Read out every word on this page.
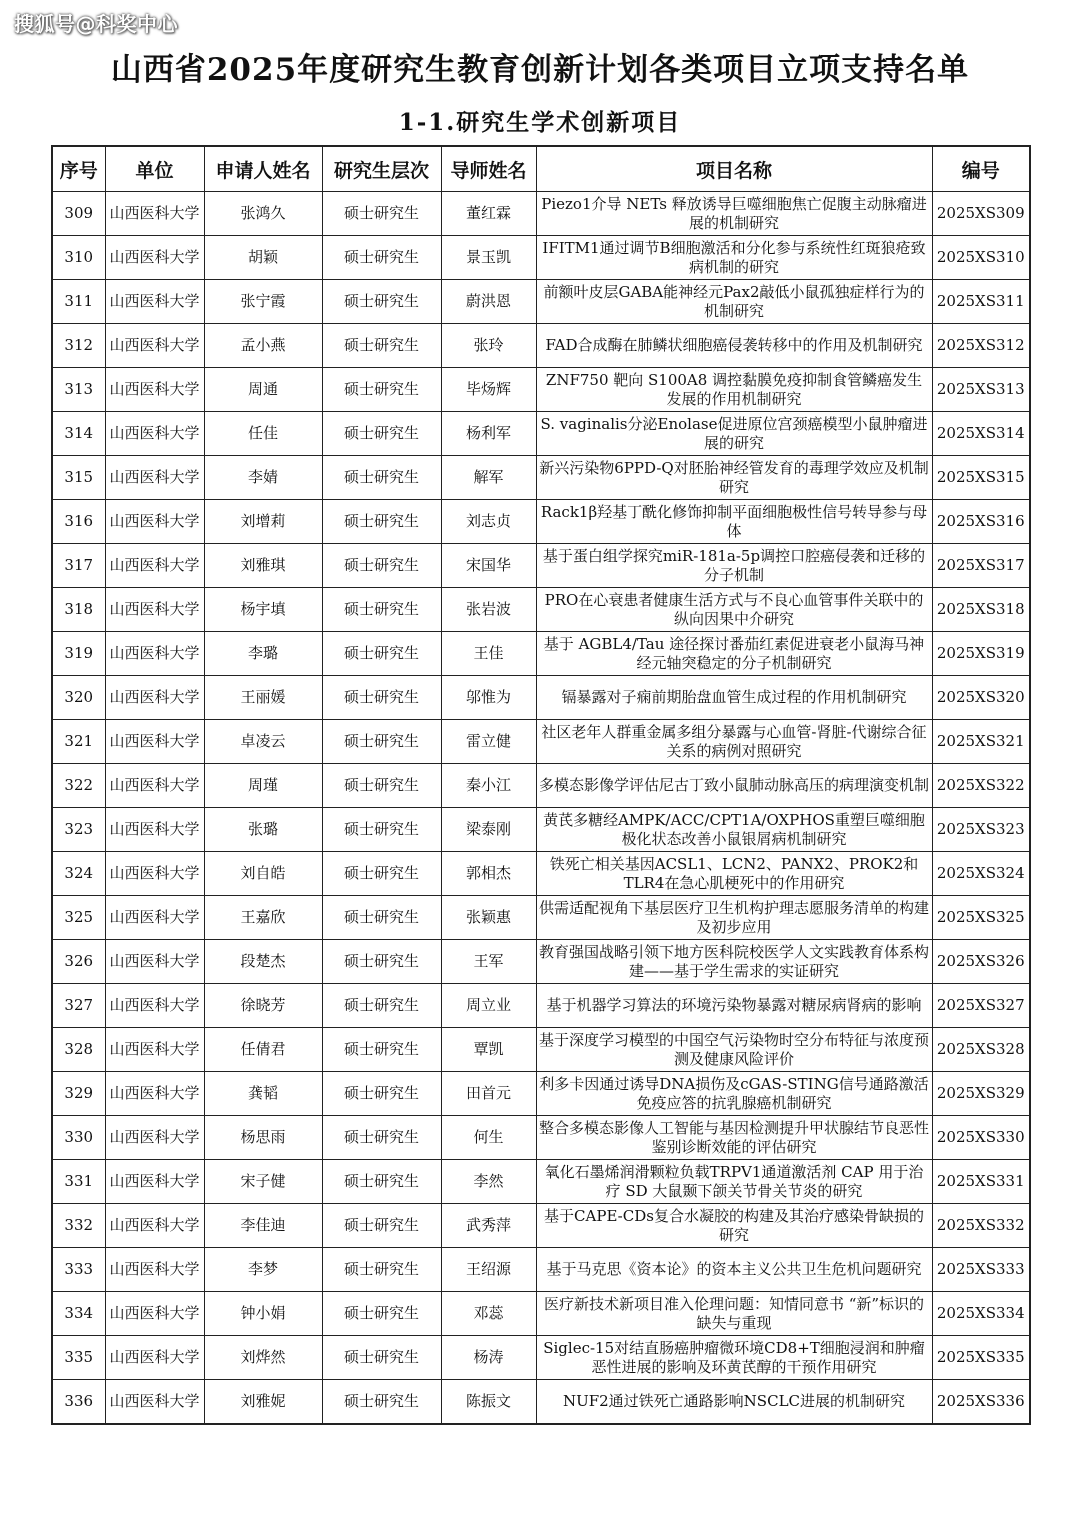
搜狐号@科奖中心
山西省2025年度研究生教育创新计划各类项目立项支持名单
1-1.研究生学术创新项目
序号	单位	申请人姓名	研究生层次	导师姓名	项目名称	编号
309	山西医科大学	张鸿久	硕士研究生	董红霖	Piezo1介导 NETs 释放诱导巨噬细胞焦亡促腹主动脉瘤进展的机制研究	2025XS309
310	山西医科大学	胡颖	硕士研究生	景玉凯	IFITM1通过调节B细胞激活和分化参与系统性红斑狼疮致病机制的研究	2025XS310
311	山西医科大学	张宁霞	硕士研究生	蔚洪恩	前额叶皮层GABA能神经元Pax2敲低小鼠孤独症样行为的机制研究	2025XS311
312	山西医科大学	孟小燕	硕士研究生	张玲	FAD合成酶在肺鳞状细胞癌侵袭转移中的作用及机制研究	2025XS312
313	山西医科大学	周通	硕士研究生	毕炀辉	ZNF750 靶向 S100A8 调控黏膜免疫抑制食管鳞癌发生发展的作用机制研究	2025XS313
314	山西医科大学	任佳	硕士研究生	杨利军	S. vaginalis分泌Enolase促进原位宫颈癌模型小鼠肿瘤进展的研究	2025XS314
315	山西医科大学	李婧	硕士研究生	解军	新兴污染物6PPD-Q对胚胎神经管发育的毒理学效应及机制研究	2025XS315
316	山西医科大学	刘增莉	硕士研究生	刘志贞	Rack1β羟基丁酰化修饰抑制平面细胞极性信号转导参与母体	2025XS316
317	山西医科大学	刘雅琪	硕士研究生	宋国华	基于蛋白组学探究miR-181a-5p调控口腔癌侵袭和迁移的分子机制	2025XS317
318	山西医科大学	杨宇填	硕士研究生	张岩波	PRO在心衰患者健康生活方式与不良心血管事件关联中的纵向因果中介研究	2025XS318
319	山西医科大学	李璐	硕士研究生	王佳	基于 AGBL4/Tau 途径探讨番茄红素促进衰老小鼠海马神经元轴突稳定的分子机制研究	2025XS319
320	山西医科大学	王丽媛	硕士研究生	邬惟为	镉暴露对子痫前期胎盘血管生成过程的作用机制研究	2025XS320
321	山西医科大学	卓凌云	硕士研究生	雷立健	社区老年人群重金属多组分暴露与心血管-肾脏-代谢综合征关系的病例对照研究	2025XS321
322	山西医科大学	周瑾	硕士研究生	秦小江	多模态影像学评估尼古丁致小鼠肺动脉高压的病理演变机制	2025XS322
323	山西医科大学	张璐	硕士研究生	梁泰刚	黄芪多糖经AMPK/ACC/CPT1A/OXPHOS重塑巨噬细胞极化状态改善小鼠银屑病机制研究	2025XS323
324	山西医科大学	刘自皓	硕士研究生	郭相杰	铁死亡相关基因ACSL1、LCN2、PANX2、PROK2和TLR4在急心肌梗死中的作用研究	2025XS324
325	山西医科大学	王嘉欣	硕士研究生	张颖惠	供需适配视角下基层医疗卫生机构护理志愿服务清单的构建及初步应用	2025XS325
326	山西医科大学	段楚杰	硕士研究生	王军	教育强国战略引领下地方医科院校医学人文实践教育体系构建——基于学生需求的实证研究	2025XS326
327	山西医科大学	徐晓芳	硕士研究生	周立业	基于机器学习算法的环境污染物暴露对糖尿病肾病的影响	2025XS327
328	山西医科大学	任倩君	硕士研究生	覃凯	基于深度学习模型的中国空气污染物时空分布特征与浓度预测及健康风险评价	2025XS328
329	山西医科大学	龚韬	硕士研究生	田首元	利多卡因通过诱导DNA损伤及cGAS-STING信号通路激活免疫应答的抗乳腺癌机制研究	2025XS329
330	山西医科大学	杨思雨	硕士研究生	何生	整合多模态影像人工智能与基因检测提升甲状腺结节良恶性鉴别诊断效能的评估研究	2025XS330
331	山西医科大学	宋子健	硕士研究生	李然	氧化石墨烯润滑颗粒负载TRPV1通道激活剂 CAP 用于治疗 SD 大鼠颞下颌关节骨关节炎的研究	2025XS331
332	山西医科大学	李佳迪	硕士研究生	武秀萍	基于CAPE-CDs复合水凝胶的构建及其治疗感染骨缺损的研究	2025XS332
333	山西医科大学	李梦	硕士研究生	王绍源	基于马克思《资本论》的资本主义公共卫生危机问题研究	2025XS333
334	山西医科大学	钟小娟	硕士研究生	邓蕊	医疗新技术新项目准入伦理问题：知情同意书 “新”标识的缺失与重现	2025XS334
335	山西医科大学	刘烨然	硕士研究生	杨涛	Siglec-15对结直肠癌肿瘤微环境CD8+T细胞浸润和肿瘤恶性进展的影响及环黄芪醇的干预作用研究	2025XS335
336	山西医科大学	刘雅妮	硕士研究生	陈振文	NUF2通过铁死亡通路影响NSCLC进展的机制研究	2025XS336
